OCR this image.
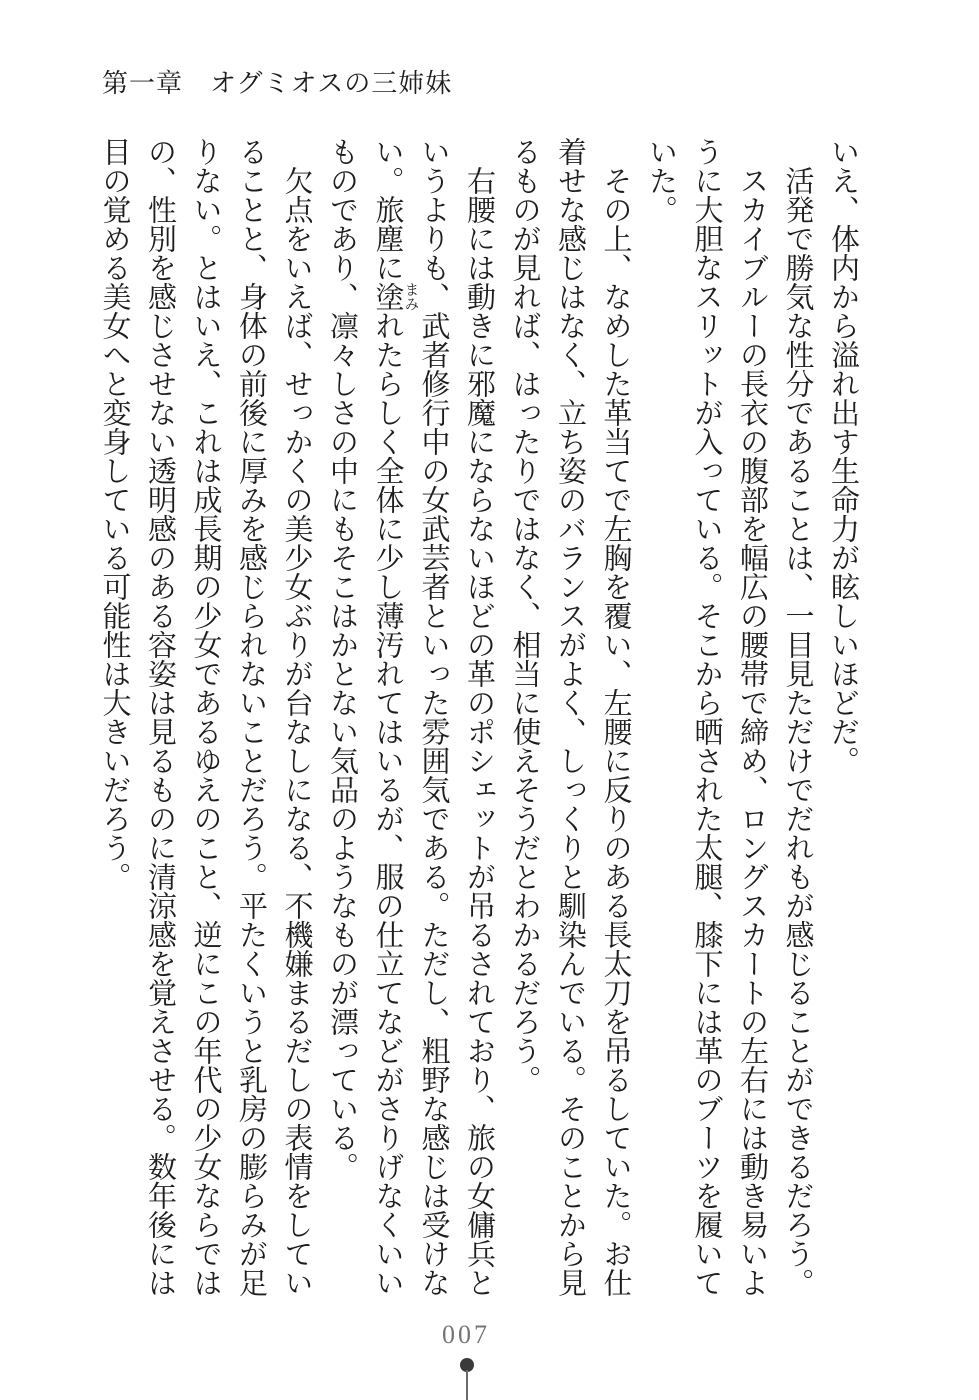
第一章　オグミオスの三姉妹

いえ、体内から溢れ出す生命力が眩しいほどだ。

活発で勝気な性分であることは、一目見ただけでだれもが感じることができるだろう。

スカイブルーの長衣の腹部を幅広の腰帯で締め、ロングスカートの左右には動き易いように大胆なスリットが入っている。そこから晒された太腿、膝下には革のブーツを履いていた。

その上、なめした革当てで左胸を覆い、左腰に反りのある長太刀を吊るしていた。お仕着せな感じはなく、立ち姿のバランスがよく、しっくりと馴染んでいる。そのことから見るものが見れば、はったりではなく、相当に使えそうだとわかるだろう。

右腰には動きに邪魔にならないほどの革のポシェットが吊るされており、旅の女傭兵というよりも、武者修行中の女武芸者といった雰囲気である。ただし、粗野な感じは受けない。旅塵に塗 まみれたらしく全体に少し薄汚れてはいるが、服の仕立てなどがさりげなくいいものであり、凛々しさの中にもそこはかとない気品のようなものが漂っている。

欠点をいえば、せっかくの美少女ぶりが台なしになる、不機嫌まるだしの表情をしていることと、身体の前後に厚みを感じられないことだろう。平たくいうと乳房の膨らみが足りない。とはいえ、これは成長期の少女であるゆえのこと、逆にこの年代の少女ならではの、性別を感じさせない透明感のある容姿は見るものに清涼感を覚えさせる。数年後には目の覚める美女へと変身している可能性は大きいだろう。

007
